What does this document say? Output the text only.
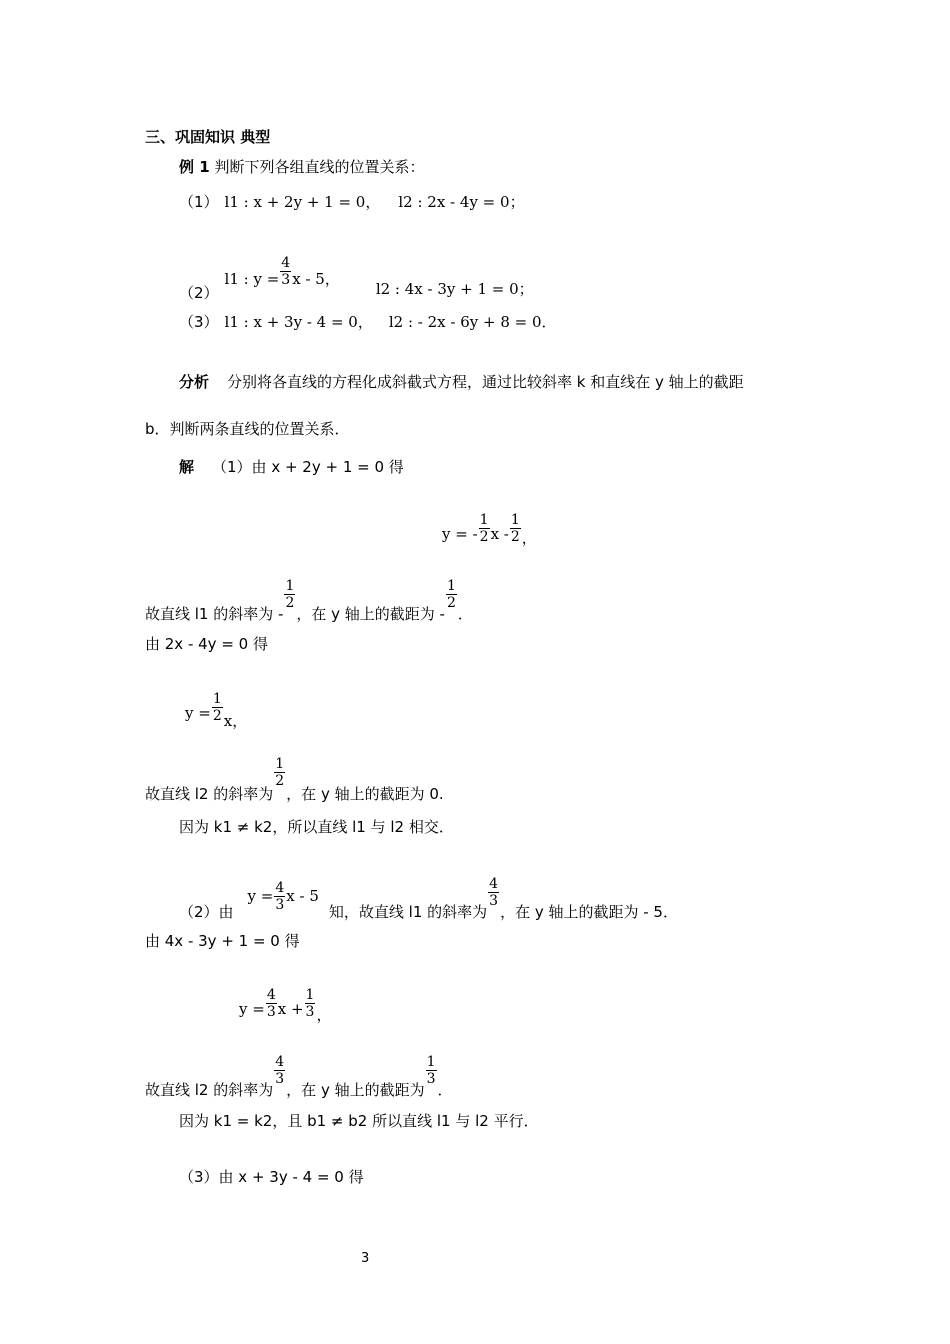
三、巩固知识 典型
例 1 判断下列各组直线的位置关系：
（1） l1 : x + 2y + 1 = 0， l2 : 2x - 4y = 0；
（2）l1 : $y = \frac{4}{3}$ x - 5，l2 : 4x - 3y + 1 = 0；
（3） l1 : x + 3y - 4 = 0， l2 : - 2x - 6y + 8 = 0．
分析 分别将各直线的方程化成斜截式方程，通过比较斜率 k 和直线在 y 轴上的截距
b．判断两条直线的位置关系．
解 （1）由 x + 2y + 1 = 0 得
y = - $\frac{1}{2}$ x - $\frac{1}{2}$ ，
故直线 l1 的斜率为 -
$\frac{1}{2}$
，在 y 轴上的截距为 -
$\frac{1}{2}$
．
由 2x - 4y = 0 得
$y = \frac{1}{2}$ x，
故直线 l2 的斜率为
$\frac{1}{2}$
，在 y 轴上的截距为 0.
因为 k1 ≠ k2，所以直线 l1 与 l2 相交．
（2）由$y = \frac{4}{3}$ x - 5知，故直线 l1 的斜率为
$\frac{4}{3}$
，在 y 轴上的截距为 - 5．
由 4x - 3y + 1 = 0 得
$y = \frac{4}{3}$ $x + \frac{1}{3}$ ，
故直线 l2 的斜率为
$\frac{4}{3}$
，在 y 轴上的截距为
$\frac{1}{3}$
．
因为 k1 = k2，且 b1 ≠ b2 所以直线 l1 与 l2 平行．
（3）由 x + 3y - 4 = 0 得
3
